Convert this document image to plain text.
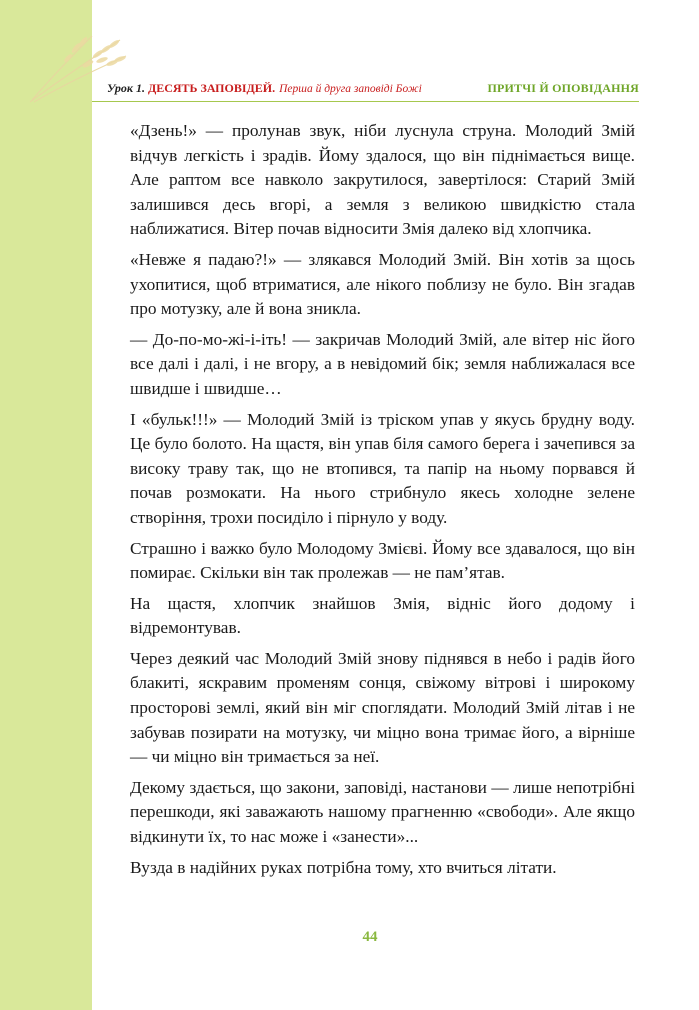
Урок 1. ДЕСЯТЬ ЗАПОВІДЕЙ. Перша й друга заповіді Божі	ПРИТЧІ Й ОПОВІДАННЯ

«Дзень!» — пролунав звук, ніби луснула струна. Молодий Змій відчув легкість і зрадів. Йому здалося, що він піднімається вище. Але раптом все навколо закрутилося, завертілося: Старий Змій залишився десь вгорі, а земля з великою швидкістю стала наближатися. Вітер почав відносити Змія далеко від хлопчика.

«Невже я падаю?!» — злякався Молодий Змій. Він хотів за щось ухопитися, щоб втриматися, але нікого поблизу не було. Він згадав про мотузку, але й вона зникла.

— До-по-мо-жі-і-іть! — закричав Молодий Змій, але вітер ніс його все далі і далі, і не вгору, а в невідомий бік; земля наближалася все швидше і швидше…

І «бульк!!!» — Молодий Змій із тріском упав у якусь брудну воду. Це було болото. На щастя, він упав біля самого берега і зачепився за високу траву так, що не втопився, та папір на ньому порвався й почав розмокати. На нього стрибнуло якесь холодне зелене створіння, трохи посиділо і пірнуло у воду.

Страшно і важко було Молодому Змієві. Йому все здавалося, що він помирає. Скільки він так пролежав — не пам’ятав.

На щастя, хлопчик знайшов Змія, відніс його додому і відремонтував.

Через деякий час Молодий Змій знову піднявся в небо і радів його блакиті, яскравим променям сонця, свіжому вітрові і широкому просторові землі, який він міг споглядати. Молодий Змій літав і не забував позирати на мотузку, чи міцно вона тримає його, а вірніше — чи міцно він тримається за неї.

Декому здається, що закони, заповіді, настанови — лише непотрібні перешкоди, які заважають нашому прагненню «свободи». Але якщо відкинути їх, то нас може і «занести»...

Вузда в надійних руках потрібна тому, хто вчиться літати.

44
